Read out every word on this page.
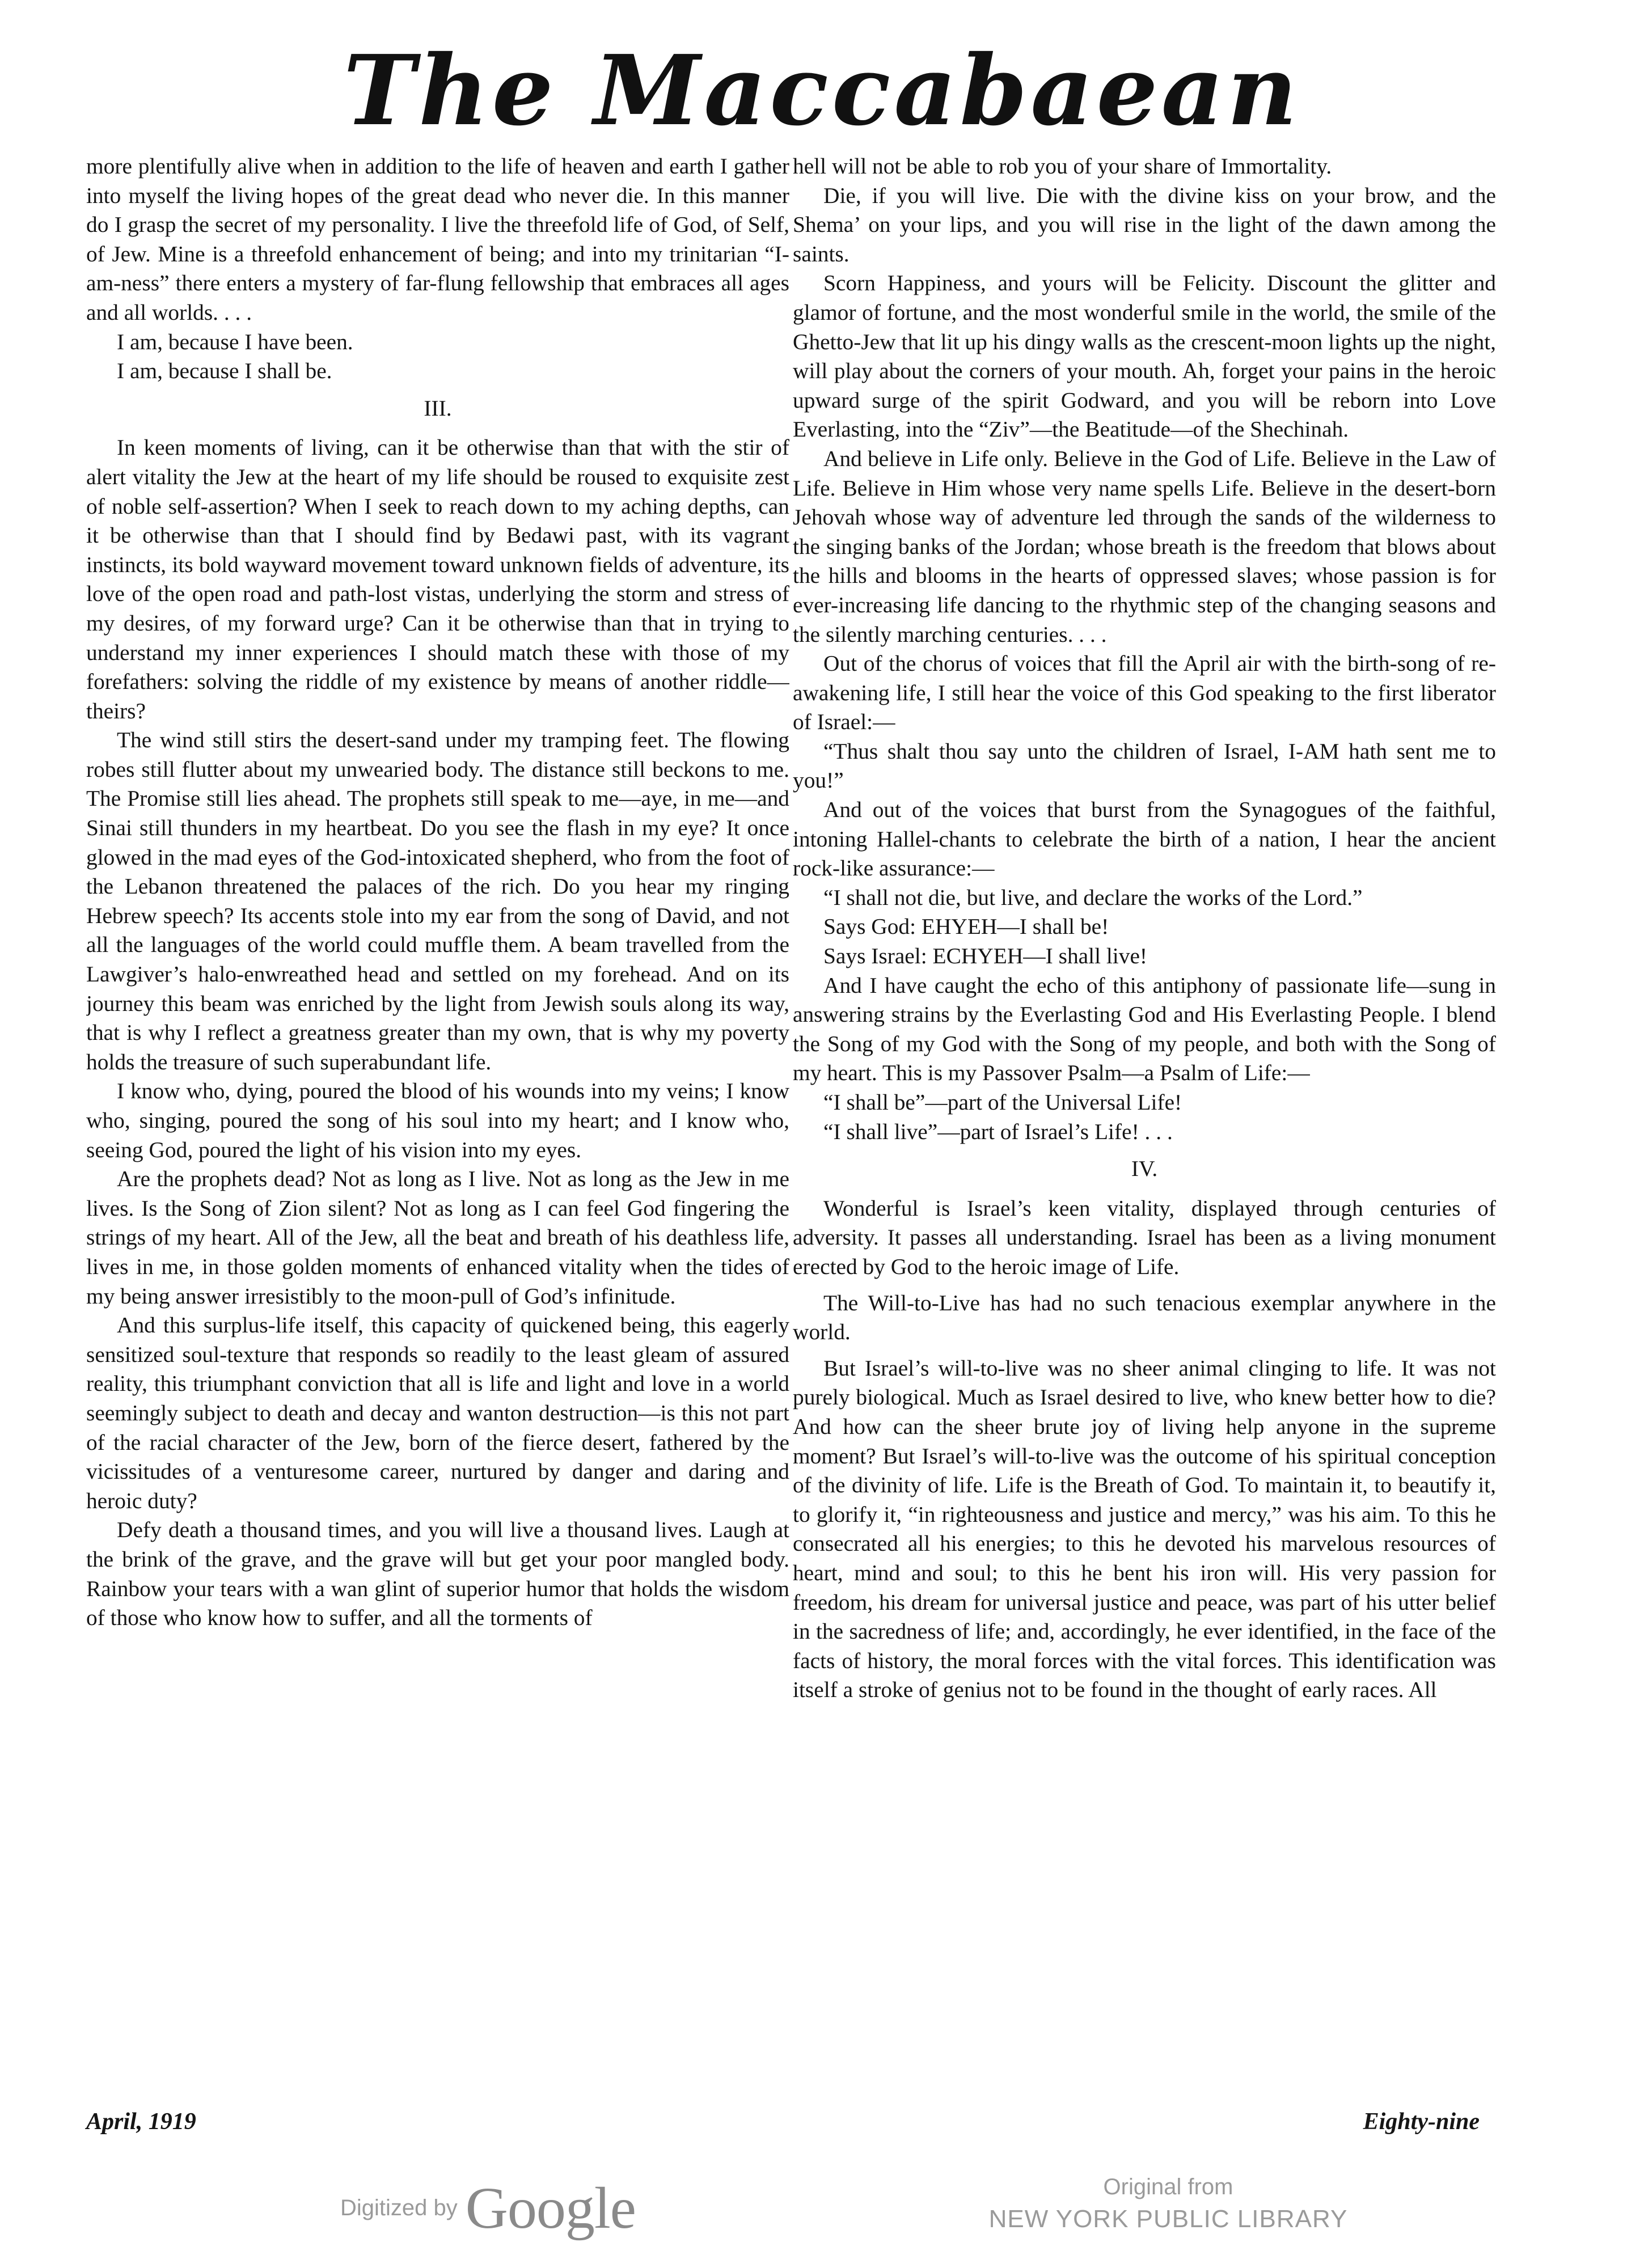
The Maccabaean

more plentifully alive when in addition to the life of heaven and earth I gather into myself the living hopes of the great dead who never die. In this manner do I grasp the secret of my personality. I live the threefold life of God, of Self, of Jew. Mine is a threefold enhancement of being; and into my trinitarian “I-am-ness” there enters a mystery of far-flung fellowship that embraces all ages and all worlds. . . .

I am, because I have been.

I am, because I shall be.

III.

In keen moments of living, can it be otherwise than that with the stir of alert vitality the Jew at the heart of my life should be roused to exquisite zest of noble self-assertion? When I seek to reach down to my aching depths, can it be otherwise than that I should find by Bedawi past, with its vagrant instincts, its bold wayward movement toward unknown fields of adventure, its love of the open road and path-lost vistas, underlying the storm and stress of my desires, of my forward urge? Can it be otherwise than that in trying to understand my inner experiences I should match these with those of my forefathers: solving the riddle of my existence by means of another riddle—theirs?

The wind still stirs the desert-sand under my tramping feet. The flowing robes still flutter about my unwearied body. The distance still beckons to me. The Promise still lies ahead. The prophets still speak to me—aye, in me—and Sinai still thunders in my heartbeat. Do you see the flash in my eye? It once glowed in the mad eyes of the God-intoxicated shepherd, who from the foot of the Lebanon threatened the palaces of the rich. Do you hear my ringing Hebrew speech? Its accents stole into my ear from the song of David, and not all the languages of the world could muffle them. A beam travelled from the Lawgiver’s halo-enwreathed head and settled on my forehead. And on its journey this beam was enriched by the light from Jewish souls along its way, that is why I reflect a greatness greater than my own, that is why my poverty holds the treasure of such superabundant life.

I know who, dying, poured the blood of his wounds into my veins; I know who, singing, poured the song of his soul into my heart; and I know who, seeing God, poured the light of his vision into my eyes.

Are the prophets dead? Not as long as I live. Not as long as the Jew in me lives. Is the Song of Zion silent? Not as long as I can feel God fingering the strings of my heart. All of the Jew, all the beat and breath of his deathless life, lives in me, in those golden moments of enhanced vitality when the tides of my being answer irresistibly to the moon-pull of God’s infinitude.

And this surplus-life itself, this capacity of quickened being, this eagerly sensitized soul-texture that responds so readily to the least gleam of assured reality, this triumphant conviction that all is life and light and love in a world seemingly subject to death and decay and wanton destruction—is this not part of the racial character of the Jew, born of the fierce desert, fathered by the vicissitudes of a venturesome career, nurtured by danger and daring and heroic duty?

Defy death a thousand times, and you will live a thousand lives. Laugh at the brink of the grave, and the grave will but get your poor mangled body. Rainbow your tears with a wan glint of superior humor that holds the wisdom of those who know how to suffer, and all the torments of

hell will not be able to rob you of your share of Immortality.

Die, if you will live. Die with the divine kiss on your brow, and the Shema’ on your lips, and you will rise in the light of the dawn among the saints.

Scorn Happiness, and yours will be Felicity. Discount the glitter and glamor of fortune, and the most wonderful smile in the world, the smile of the Ghetto-Jew that lit up his dingy walls as the crescent-moon lights up the night, will play about the corners of your mouth. Ah, forget your pains in the heroic upward surge of the spirit Godward, and you will be reborn into Love Everlasting, into the “Ziv”—the Beatitude—of the Shechinah.

And believe in Life only. Believe in the God of Life. Believe in the Law of Life. Believe in Him whose very name spells Life. Believe in the desert-born Jehovah whose way of adventure led through the sands of the wilderness to the singing banks of the Jordan; whose breath is the freedom that blows about the hills and blooms in the hearts of oppressed slaves; whose passion is for ever-increasing life dancing to the rhythmic step of the changing seasons and the silently marching centuries. . . .

Out of the chorus of voices that fill the April air with the birth-song of re-awakening life, I still hear the voice of this God speaking to the first liberator of Israel:—

“Thus shalt thou say unto the children of Israel, I-AM hath sent me to you!”

And out of the voices that burst from the Synagogues of the faithful, intoning Hallel-chants to celebrate the birth of a nation, I hear the ancient rock-like assurance:—

“I shall not die, but live, and declare the works of the Lord.”

Says God: EHYEH—I shall be!

Says Israel: ECHYEH—I shall live!

And I have caught the echo of this antiphony of passionate life—sung in answering strains by the Everlasting God and His Everlasting People. I blend the Song of my God with the Song of my people, and both with the Song of my heart. This is my Passover Psalm—a Psalm of Life:—

“I shall be”—part of the Universal Life!

“I shall live”—part of Israel’s Life! . . .

IV.

Wonderful is Israel’s keen vitality, displayed through centuries of adversity. It passes all understanding. Israel has been as a living monument erected by God to the heroic image of Life.

The Will-to-Live has had no such tenacious exemplar anywhere in the world.

But Israel’s will-to-live was no sheer animal clinging to life. It was not purely biological. Much as Israel desired to live, who knew better how to die? And how can the sheer brute joy of living help anyone in the supreme moment? But Israel’s will-to-live was the outcome of his spiritual conception of the divinity of life. Life is the Breath of God. To maintain it, to beautify it, to glorify it, “in righteousness and justice and mercy,” was his aim. To this he consecrated all his energies; to this he devoted his marvelous resources of heart, mind and soul; to this he bent his iron will. His very passion for freedom, his dream for universal justice and peace, was part of his utter belief in the sacredness of life; and, accordingly, he ever identified, in the face of the facts of history, the moral forces with the vital forces. This identification was itself a stroke of genius not to be found in the thought of early races. All

April, 1919	Eighty-nine
Digitized by Google	Original from
NEW YORK PUBLIC LIBRARY
